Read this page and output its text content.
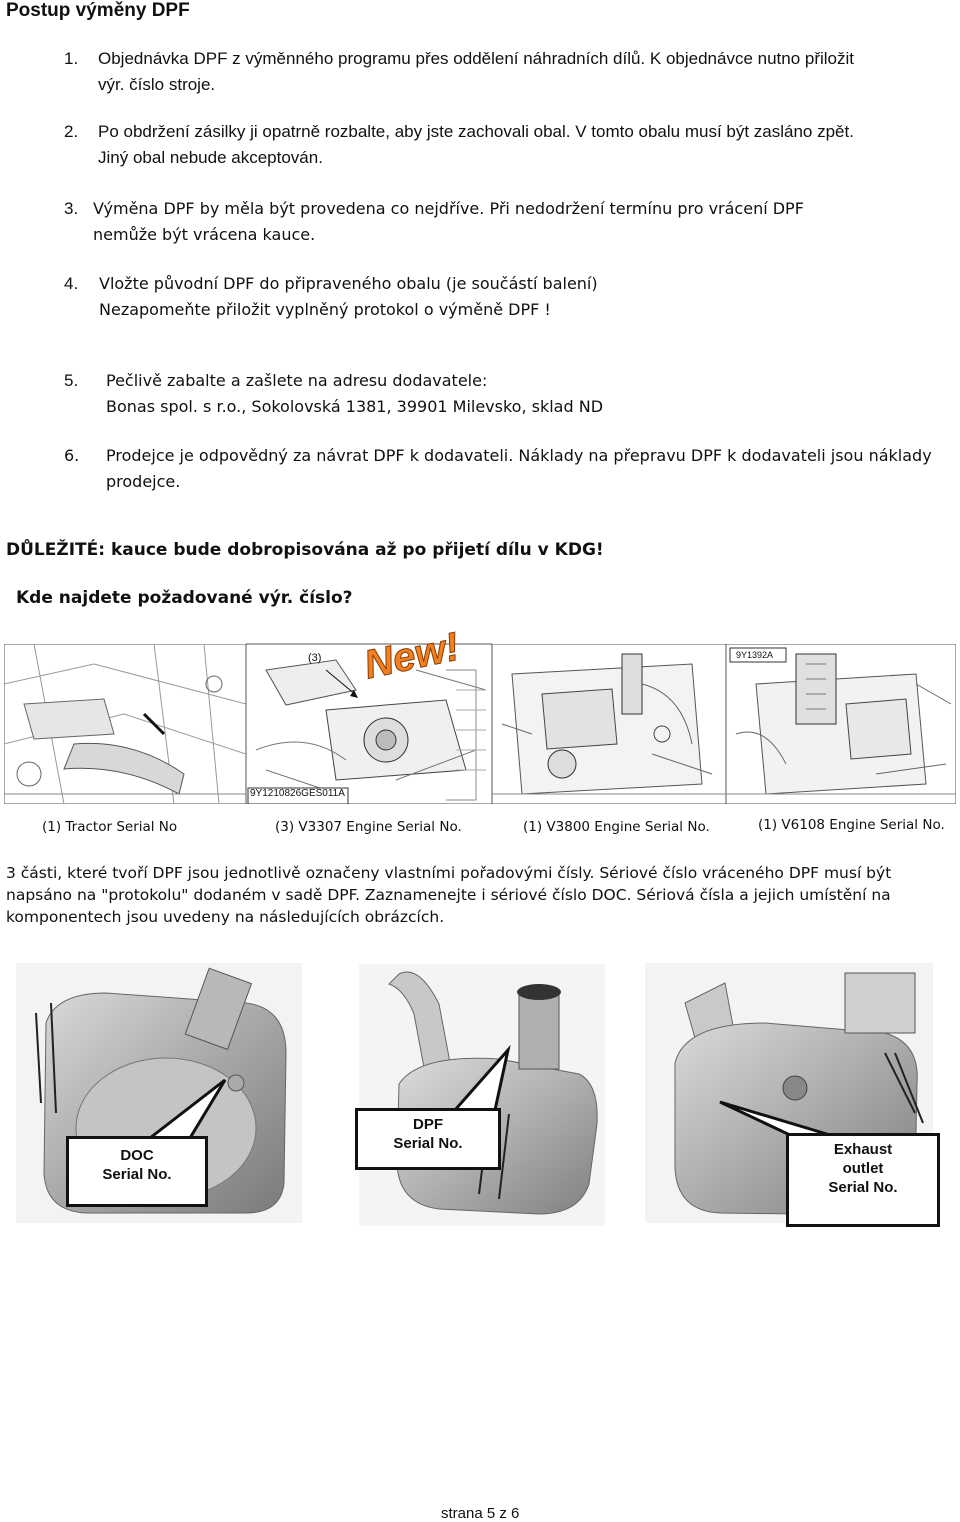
Postup výměny DPF
1. Objednávka DPF z výměnného programu přes oddělení náhradních dílů. K objednávce nutno přiložit
výr. číslo stroje.
2. Po obdržení zásilky ji opatrně rozbalte, aby jste zachovali obal. V tomto obalu musí být zasláno zpět.
Jiný obal nebude akceptován.
3. Výměna DPF by měla být provedena co nejdříve. Při nedodržení termínu pro vrácení DPF
nemůže být vrácena kauce.
4. Vložte původní DPF do připraveného obalu (je součástí balení)
Nezapomeňte přiložit vyplněný protokol o výměně DPF !
5. Pečlivě zabalte a zašlete na adresu dodavatele:
Bonas spol. s r.o., Sokolovská 1381, 39901 Milevsko, sklad ND
6. Prodejce je odpovědný za návrat DPF k dodavateli. Náklady na přepravu DPF k dodavateli jsou náklady
prodejce.
DŮLEŽITÉ: kauce bude dobropisována až po přijetí dílu v KDG!
Kde najdete požadované výr. číslo?
(3)
9Y1210826GES011A
New!	9Y1392A
(1) Tractor Serial No	(3) V3307 Engine Serial No.	(1) V3800 Engine Serial No.	(1) V6108 Engine Serial No.
3 části, které tvoří DPF jsou jednotlivě označeny vlastními pořadovými čísly. Sériové číslo vráceného DPF musí být
napsáno na "protokolu" dodaném v sadě DPF. Zaznamenejte i sériové číslo DOC. Sériová čísla a jejich umístění na
komponentech jsou uvedeny na následujících obrázcích.
DOC
Serial No.
DPF
Serial No.	Exhaust
outlet
Serial No.
strana 5 z 6
